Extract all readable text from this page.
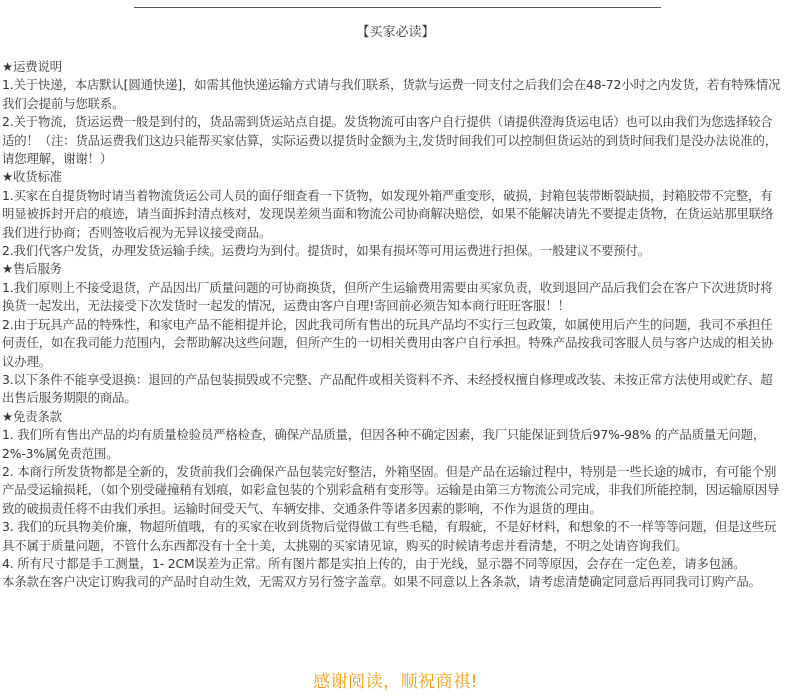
【买家必读】

★运费说明

1.关于快递，本店默认[圆通快递]，如需其他快递运输方式请与我们联系，货款与运费一同支付之后我们会在48-72小时之内发货，若有特殊情况我们会提前与您联系。

2.关于物流，货运运费一般是到付的，货品需到货运站点自提。发货物流可由客户自行提供（请提供澄海货运电话）也可以由我们为您选择较合适的！（注：货品运费我们这边只能帮买家估算，实际运费以提货时金额为主,发货时间我们可以控制但货运站的到货时间我们是没办法说准的，请您理解，谢谢！）

★收货标准

1.买家在自提货物时请当着物流货运公司人员的面仔细查看一下货物，如发现外箱严重变形，破损，封箱包装带断裂缺损，封箱胶带不完整，有明显被拆封开启的痕迹，请当面拆封清点核对，发现误差须当面和物流公司协商解决赔偿，如果不能解决请先不要提走货物，在货运站那里联络我们进行协商；否则签收后视为无异议接受商品。

2.我们代客户发货，办理发货运输手续。运费均为到付。提货时，如果有损坏等可用运费进行担保。一般建议不要预付。

★售后服务

1.我们原则上不接受退货，产品因出厂质量问题的可协商换货，但所产生运输费用需要由买家负责，收到退回产品后我们会在客户下次进货时将换货一起发出，无法接受下次发货时一起发的情况，运费由客户自理!寄回前必须告知本商行旺旺客服！！

2.由于玩具产品的特殊性，和家电产品不能相提并论，因此我司所有售出的玩具产品均不实行三包政策，如属使用后产生的问题，我司不承担任何责任，如在我司能力范围内，会帮助解决这些问题，但所产生的一切相关费用由客户自行承担。特殊产品按我司客服人员与客户达成的相关协议办理。

3.以下条件不能享受退换：退回的产品包装损毁或不完整、产品配件或相关资料不齐、未经授权擅自修理或改装、未按正常方法使用或贮存、超出售后服务期限的商品。

★免责条款

1. 我们所有售出产品的均有质量检验员严格检查，确保产品质量，但因各种不确定因素，我厂只能保证到货后97%-98% 的产品质量无问题，2%-3%属免责范围。

2. 本商行所发货物都是全新的，发货前我们会确保产品包装完好整洁，外箱坚固。但是产品在运输过程中，特别是一些长途的城市，有可能个别产品受运输损耗，（如个别受碰撞稍有划痕，如彩盒包装的个别彩盒稍有变形等。运输是由第三方物流公司完成，非我们所能控制，因运输原因导致的破损责任将不由我们承担。运输时间受天气、车辆安排、交通条件等诸多因素的影响，不作为退货的理由。

3. 我们的玩具物美价廉，物超所值哦，有的买家在收到货物后觉得做工有些毛糙，有瑕疵，不是好材料，和想象的不一样等等问题，但是这些玩具不属于质量问题，不管什么东西都没有十全十美，太挑剔的买家请见谅，购买的时候请考虑并看清楚，不明之处请咨询我们。

4. 所有尺寸都是手工测量，1- 2CM误差为正常。所有图片都是实拍上传的，由于光线，显示器不同等原因，会存在一定色差，请多包涵。

本条款在客户决定订购我司的产品时自动生效，无需双方另行签字盖章。如果不同意以上各条款，请考虑清楚确定同意后再同我司订购产品。

感谢阅读，顺祝商祺!
